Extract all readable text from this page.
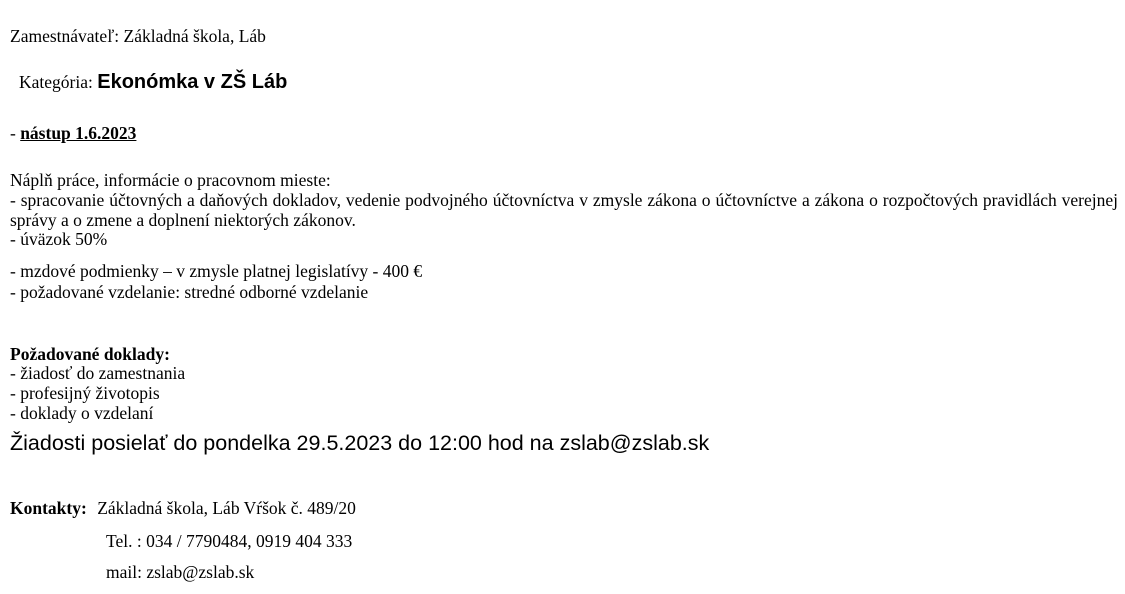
Zamestnávateľ: Základná škola, Láb
Kategória: Ekonómka v ZŠ Láb
- nástup 1.6.2023
Náplň práce, informácie o pracovnom mieste:
- spracovanie účtovných a daňových dokladov, vedenie podvojného účtovníctva v zmysle zákona o účtovníctve a zákona o rozpočtových pravidlách verejnej správy a o zmene a doplnení niektorých zákonov.
- úväzok 50%
- mzdové podmienky – v zmysle platnej legislatívy - 400 €
- požadované vzdelanie: stredné odborné vzdelanie
Požadované doklady:
- žiadosť do zamestnania
- profesijný životopis
- doklady o vzdelaní
Žiadosti posielať do pondelka 29.5.2023 do 12:00 hod na zslab@zslab.sk
Kontakty: Základná škola, Láb Vŕšok č. 489/20
Tel. : 034 / 7790484, 0919 404 333
mail: zslab@zslab.sk
